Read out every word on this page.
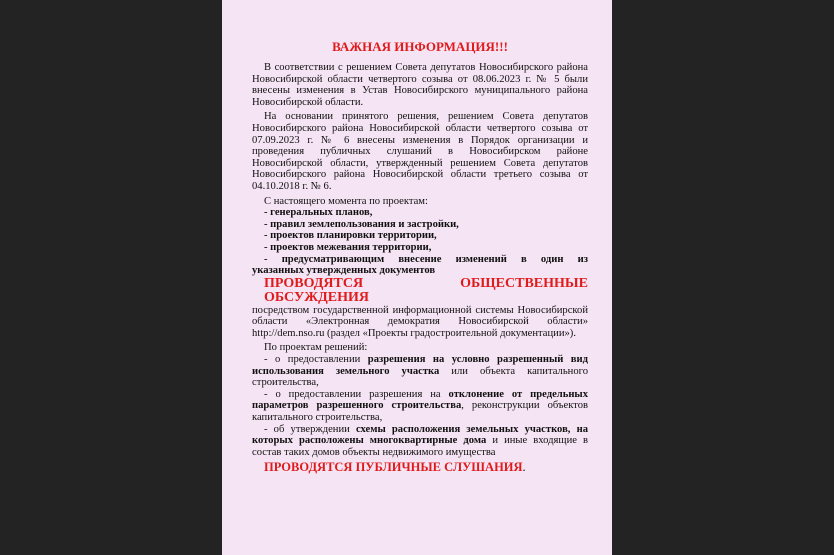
ВАЖНАЯ ИНФОРМАЦИЯ!!!

В соответствии с решением Совета депутатов Новосибирского района Новосибирской области четвертого созыва от 08.06.2023 г. № 5 были внесены изменения в Устав Новосибирского муниципального района Новосибирской области.

На основании принятого решения, решением Совета депутатов Новосибирского района Новосибирской области четвертого созыва от 07.09.2023 г. № 6 внесены изменения в Порядок организации и проведения публичных слушаний в Новосибирском районе Новосибирской области, утвержденный решением Совета депутатов Новосибирского района Новосибирской области третьего созыва от 04.10.2018 г. № 6.

С настоящего момента по проектам:

- генеральных планов,

- правил землепользования и застройки,

- проектов планировки территории,

- проектов межевания территории,

- предусматривающим внесение изменений в один из

указанных утвержденных документов

ПРОВОДЯТСЯ ОБЩЕСТВЕННЫЕ ОБСУЖДЕНИЯ

посредством государственной информационной системы Новосибирской области «Электронная демократия Новосибирской области» http://dem.nso.ru (раздел «Проекты градостроительной документации»).

По проектам решений:

- о предоставлении разрешения на условно разрешенный вид использования земельного участка или объекта капитального строительства,

- о предоставлении разрешения на отклонение от предельных параметров разрешенного строительства, реконструкции объектов капитального строительства,

- об утверждении схемы расположения земельных участков, на которых расположены многоквартирные дома и иные входящие в состав таких домов объекты недвижимого имущества

ПРОВОДЯТСЯ ПУБЛИЧНЫЕ СЛУШАНИЯ.
